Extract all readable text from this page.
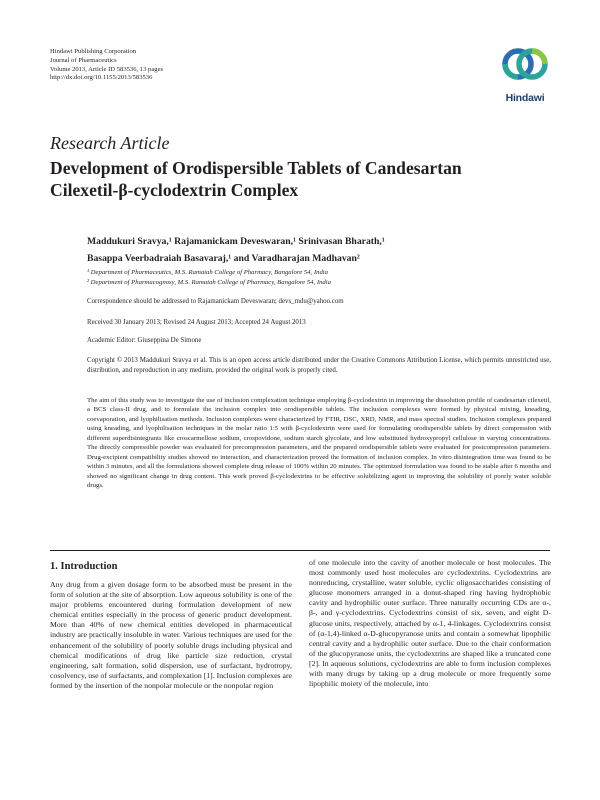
Hindawi Publishing Corporation
Journal of Pharmaceutics
Volume 2013, Article ID 583536, 13 pages
http://dx.doi.org/10.1155/2013/583536
Hindawi
Research Article
Development of Orodispersible Tablets of Candesartan
Cilexetil-β-cyclodextrin Complex
Maddukuri Sravya,¹ Rajamanickam Deveswaran,¹ Srinivasan Bharath,¹
Basappa Veerbadraiah Basavaraj,¹ and Varadharajan Madhavan²
¹ Department of Pharmaceutics, M.S. Ramaiah College of Pharmacy, Bangalore 54, India
² Department of Pharmacognosy, M.S. Ramaiah College of Pharmacy, Bangalore 54, India
Correspondence should be addressed to Rajamanickam Deveswaran; devs_mdu@yahoo.com
Received 30 January 2013; Revised 24 August 2013; Accepted 24 August 2013
Academic Editor: Giuseppina De Simone
Copyright © 2013 Maddukuri Sravya et al. This is an open access article distributed under the Creative Commons Attribution License, which permits unrestricted use, distribution, and reproduction in any medium, provided the original work is properly cited.
The aim of this study was to investigate the use of inclusion complexation technique employing β-cyclodextrin in improving the dissolution profile of candesartan cilexetil, a BCS class-II drug, and to formulate the inclusion complex into orodispersible tablets. The inclusion complexes were formed by physical mixing, kneading, coevaporation, and lyophilisation methods. Inclusion complexes were characterized by FTIR, DSC, XRD, NMR, and mass spectral studies. Inclusion complexes prepared using kneading, and lyophilisation techniques in the molar ratio 1:5 with β-cyclodextrin were used for formulating orodispersible tablets by direct compression with different superdisintegrants like croscarmellose sodium, crospovidone, sodium starch glycolate, and low substituted hydroxypropyl cellulose in varying concentrations. The directly compressible powder was evaluated for precompression parameters, and the prepared orodispersible tablets were evaluated for postcompression parameters. Drug-excipient compatibility studies showed no interaction, and characterization proved the formation of inclusion complex. In vitro disintegration time was found to be within 3 minutes, and all the formulations showed complete drug release of 100% within 20 minutes. The optimized formulation was found to be stable after 6 months and showed no significant change in drug content. This work proved β-cyclodextrins to be effective solubilizing agent in improving the solubility of poorly water soluble drugs.
1. Introduction
Any drug from a given dosage form to be absorbed must be present in the form of solution at the site of absorption. Low aqueous solubility is one of the major problems encountered during formulation development of new chemical entities especially in the process of generic product development. More than 40% of new chemical entities developed in pharmaceutical industry are practically insoluble in water. Various techniques are used for the enhancement of the solubility of poorly soluble drugs including physical and chemical modifications of drug like particle size reduction, crystal engineering, salt formation, solid dispersion, use of surfactant, hydrotropy, cosolvency, use of surfactants, and complexation [1]. Inclusion complexes are formed by the insertion of the nonpolar molecule or the nonpolar region
of one molecule into the cavity of another molecule or host molecules. The most commonly used host molecules are cyclodextrins. Cyclodextrins are nonreducing, crystalline, water soluble, cyclic oligosaccharides consisting of glucose monomers arranged in a donut-shaped ring having hydrophobic cavity and hydrophilic outer surface. Three naturally occurring CDs are α-, β-, and γ-cyclodextrins. Cyclodextrins consist of six, seven, and eight D-glucose units, respectively, attached by α-1, 4-linkages. Cyclodextrins consist of (α-1,4)-linked α-D-glucopyranose units and contain a somewhat lipophilic central cavity and a hydrophilic outer surface. Due to the chair conformation of the glucopyranose units, the cyclodextrins are shaped like a truncated cone [2]. In aqueous solutions, cyclodextrins are able to form inclusion complexes with many drugs by taking up a drug molecule or more frequently some lipophilic moiety of the molecule, into
